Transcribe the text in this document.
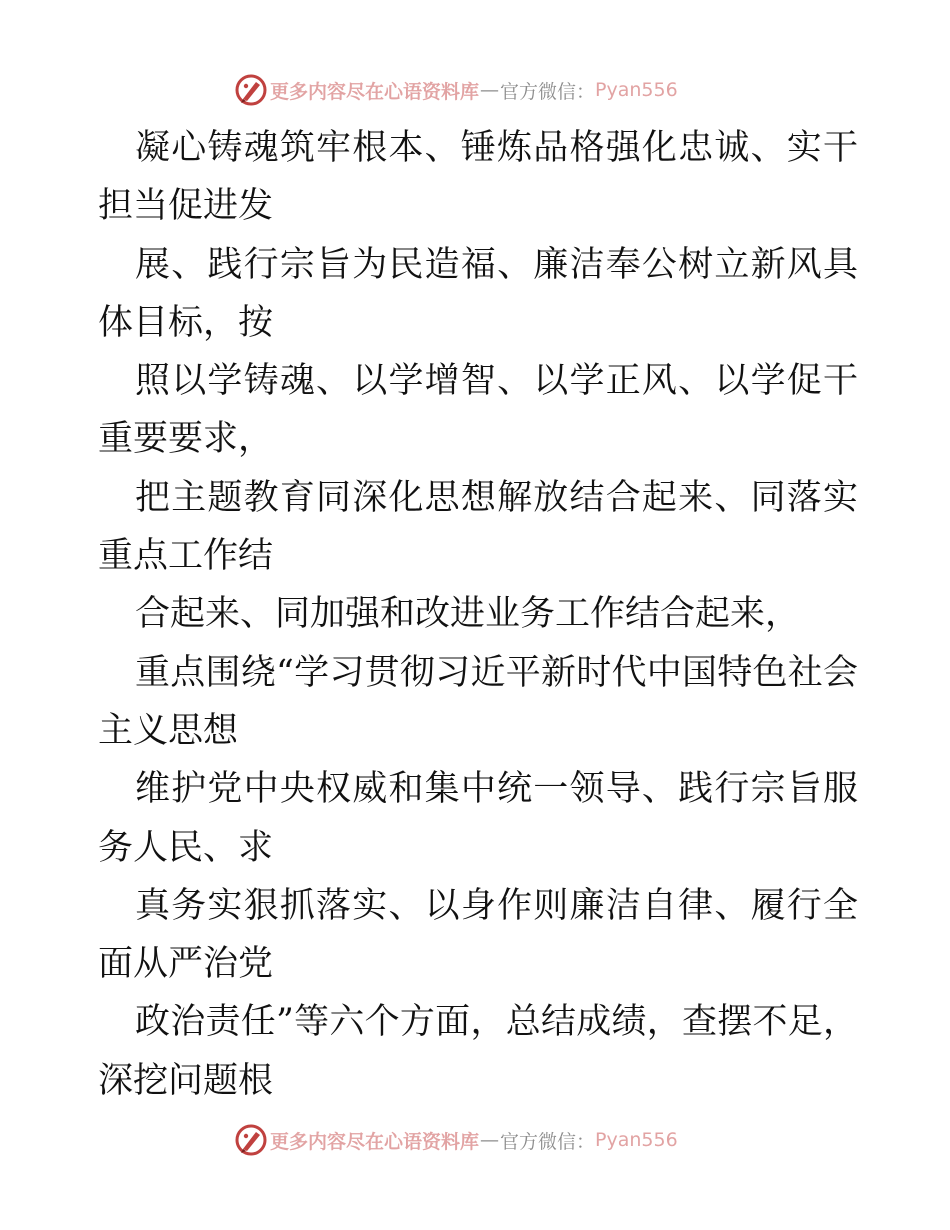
更多内容尽在心语资料库 — 官方微信： Pyan556

凝心铸魂筑牢根本、锤炼品格强化忠诚、实干担当促进发

展、践行宗旨为民造福、廉洁奉公树立新风具体目标，按

照以学铸魂、以学增智、以学正风、以学促干重要要求，

把主题教育同深化思想解放结合起来、同落实重点工作结

合起来、同加强和改进业务工作结合起来，

重点围绕“学习贯彻习近平新时代中国特色社会主义思想

维护党中央权威和集中统一领导、践行宗旨服务人民、求

真务实狠抓落实、以身作则廉洁自律、履行全面从严治党

政治责任”等六个方面，总结成绩，查摆不足，深挖问题根

更多内容尽在心语资料库 — 官方微信： Pyan556
